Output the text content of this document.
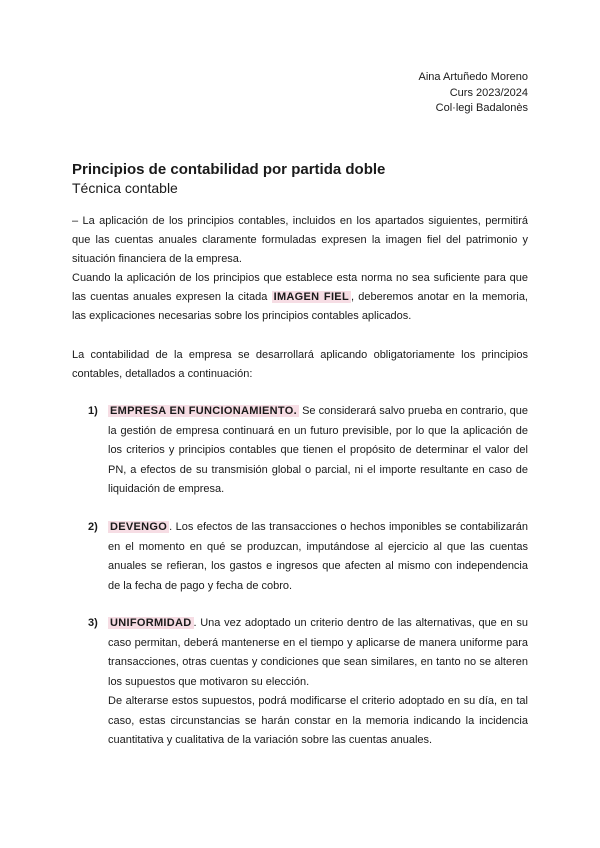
Aina Artuñedo Moreno
Curs 2023/2024
Col·legi Badalonès
Principios de contabilidad por partida doble
Técnica contable

– La aplicación de los principios contables, incluidos en los apartados siguientes, permitirá que las cuentas anuales claramente formuladas expresen la imagen fiel del patrimonio y situación financiera de la empresa.

Cuando la aplicación de los principios que establece esta norma no sea suficiente para que las cuentas anuales expresen la citada IMAGEN FIEL , deberemos anotar en la memoria, las explicaciones necesarias sobre los principios contables aplicados.

La contabilidad de la empresa se desarrollará aplicando obligatoriamente los principios contables, detallados a continuación:

1) EMPRESA EN FUNCIONAMIENTO. Se considerará salvo prueba en contrario, que la gestión de empresa continuará en un futuro previsible, por lo que la aplicación de los criterios y principios contables que tienen el propósito de determinar el valor del PN, a efectos de su transmisión global o parcial, ni el importe resultante en caso de liquidación de empresa.

2) DEVENGO . Los efectos de las transacciones o hechos imponibles se contabilizarán en el momento en qué se produzcan, imputándose al ejercicio al que las cuentas anuales se refieran, los gastos e ingresos que afecten al mismo con independencia de la fecha de pago y fecha de cobro.

3) UNIFORMIDAD . Una vez adoptado un criterio dentro de las alternativas, que en su caso permitan, deberá mantenerse en el tiempo y aplicarse de manera uniforme para transacciones, otras cuentas y condiciones que sean similares, en tanto no se alteren los supuestos que motivaron su elección.

De alterarse estos supuestos, podrá modificarse el criterio adoptado en su día, en tal caso, estas circunstancias se harán constar en la memoria indicando la incidencia cuantitativa y cualitativa de la variación sobre las cuentas anuales.
